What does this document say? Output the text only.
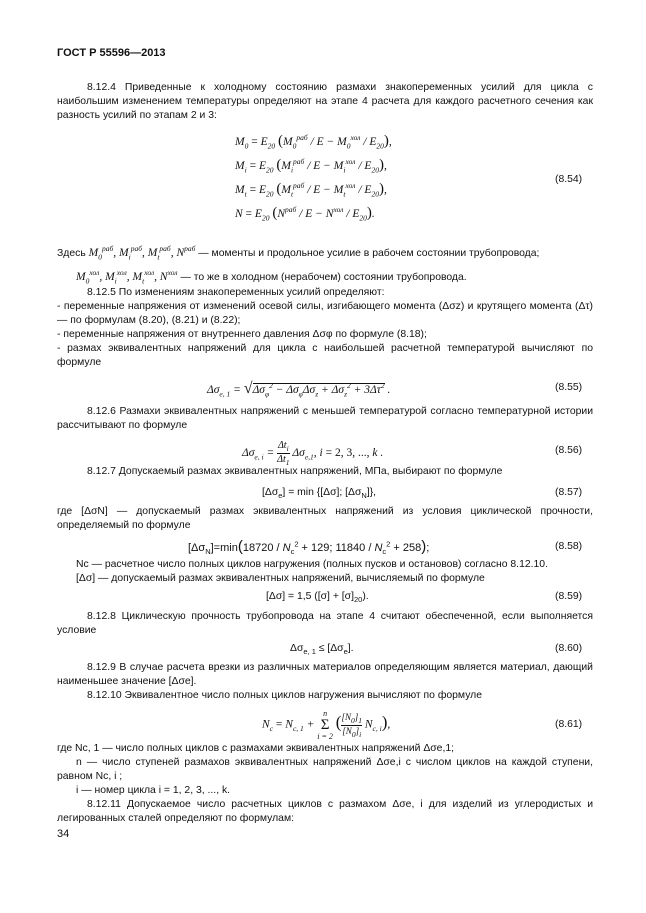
ГОСТ Р 55596—2013
8.12.4 Приведенные к холодному состоянию размахи знакопеременных усилий для цикла с наибольшим изменением температуры определяют на этапе 4 расчета для каждого расчетного сечения как разность усилий по этапам 2 и 3:
$M_0 = E_{20}$ $(M_0^{раб} / E - M_0^{хол} / E_{20})$,
$M_i = E_{20}$ $(M_i^{раб} / E - M_i^{хол} / E_{20})$,
$M_t = E_{20}$ $(M_t^{раб} / E - M_t^{хол} / E_{20})$,
$N = E_{20}$ $(N^{раб} / E - N^{хол} / E_{20})$.
(8.54)
Здесь $M_0^{раб}$, $M_i^{раб}$, $M_t^{раб}$, $N^{раб}$ — моменты и продольное усилие в рабочем состоянии трубопровода;
$M_0^{хол}$, $M_i^{хол}$, $M_t^{хол}$, $N^{хол}$ — то же в холодном (нерабочем) состоянии трубопровода.
8.12.5 По изменениям знакопеременных усилий определяют:
- переменные напряжения от изменений осевой силы, изгибающего момента (Δσz) и крутящего момента (Δτ) — по формулам (8.20), (8.21) и (8.22);
- переменные напряжения от внутреннего давления Δσφ по формуле (8.18);
- размах эквивалентных напряжений для цикла с наибольшей расчетной температурой вычисляют по формуле
$\Delta\sigma_{e, 1} = √\Delta\sigma_\varphi^2 - \Delta\sigma_\varphi\Delta\sigma_z + \Delta\sigma_z^2 + 3\Delta\tau^2$ .	(8.55)
8.12.6 Размахи эквивалентных напряжений с меньшей температурой согласно температурной истории рассчитывают по формуле
$\Delta\sigma_{e, i}$ =
$\Delta t_i$
$\Delta t_1$
$\Delta\sigma_{e,1}$, i = 2, 3, ..., k .	(8.56)
8.12.7 Допускаемый размах эквивалентных напряжений, МПа, выбирают по формуле
$[\Delta\sigma_e] = \min \{[\Delta\sigma]$; $[\Delta\sigma_N]$},	(8.57)
где [ΔσN] — допускаемый размах эквивалентных напряжений из условия циклической прочности, определяемый по формуле
$[\Delta\sigma_N]=\min(18720 / N_c^2 + 129$; $11840 / N_c^2 + 258$);	(8.58)
Nc — расчетное число полных циклов нагружения (полных пусков и остановов) согласно 8.12.10.
[Δσ] — допускаемый размах эквивалентных напряжений, вычисляемый по формуле
[Δσ] = 1,5 $([\sigma] + [\sigma]_{20})$.	(8.59)
8.12.8 Циклическую прочность трубопровода на этапе 4 считают обеспеченной, если выполняется условие
$\Delta\sigma_{e, 1} \le [\Delta\sigma_e]$.	(8.60)
8.12.9 В случае расчета врезки из различных материалов определяющим является материал, дающий наименьшее значение [Δσe].
8.12.10 Эквивалентное число полных циклов нагружения вычисляют по формуле
$N_c = N_{c, 1}$ +
n
Σ
i = 2
( $\frac{[N_0]_1}{[N_0]_i} N_{c, i}$),	(8.61)
где Nc, 1 — число полных циклов с размахами эквивалентных напряжений Δσe,1;
n — число ступеней размахов эквивалентных напряжений Δσe,i с числом циклов на каждой ступени, равном Nc, i ;
i — номер цикла i = 1, 2, 3, ..., k.
8.12.11 Допускаемое число расчетных циклов с размахом Δσe, i для изделий из углеродистых и легированных сталей определяют по формулам:
34
